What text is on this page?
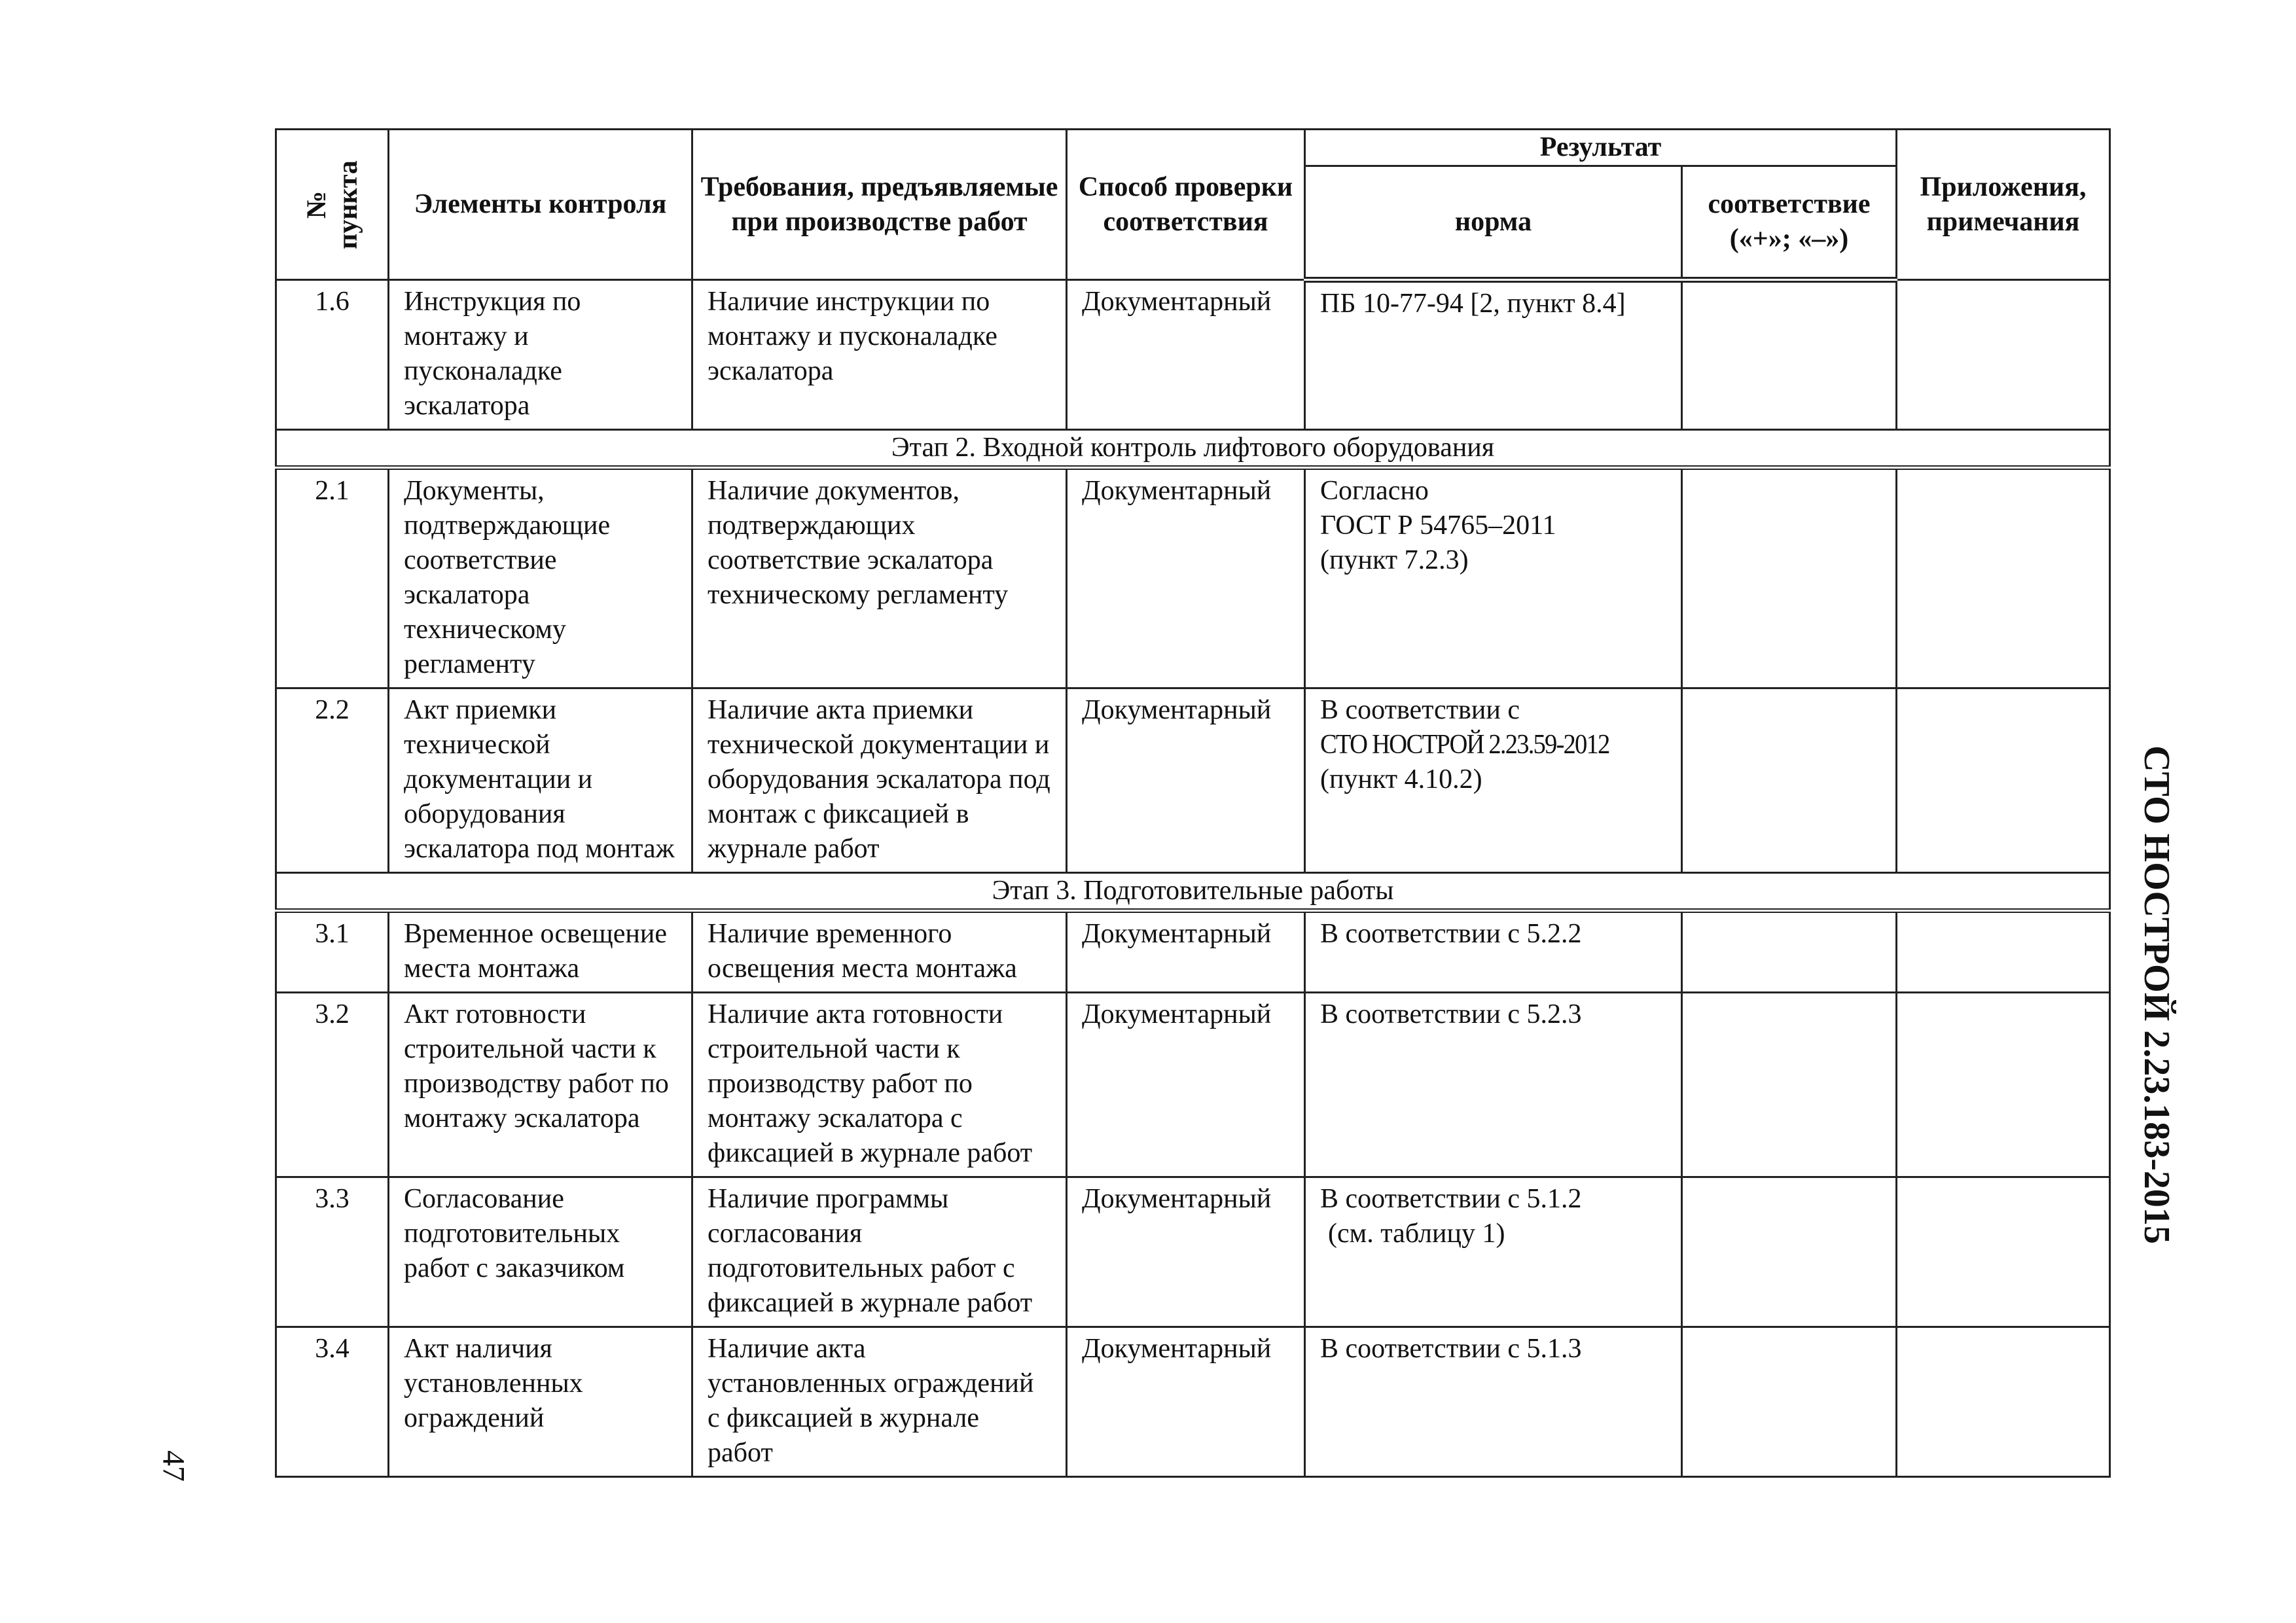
№ пункта	Элементы контроля	Требования, предъявляемые при производстве работ	Способ проверки соответствия	Результат		Приложения, примечания
				норма	соответствие («+»; «–»)	
1.6	Инструкция по монтажу и пусконаладке эскалатора	Наличие инструкции по монтажу и пусконаладке эскалатора	Документарный	ПБ 10-77-94 [2, пункт 8.4]		
Этап 2. Входной контроль лифтового оборудования						
2.1	Документы, подтверждающие соответствие эскалатора техническому регламенту	Наличие документов, подтверждающих соответствие эскалатора техническому регламенту	Документарный	Согласно
ГОСТ Р 54765–2011
(пункт 7.2.3)		

2.2	Акт приемки технической документации и оборудования эскалатора под монтаж	Наличие акта приемки технической документации и оборудования эскалатора под монтаж с фиксацией в журнале работ	Документарный	В соответствии с
СТО НОСТРОЙ 2.23.59-2012
(пункт 4.10.2)		

Этап 3. Подготовительные работы						
3.1	Временное освещение места монтажа	Наличие временного освещения места монтажа	Документарный	В соответствии с 5.2.2		
3.2	Акт готовности строительной части к производству работ по монтажу эскалатора	Наличие акта готовности строительной части к производству работ по монтажу эскалатора с фиксацией в журнале работ	Документарный	В соответствии с 5.2.3		
3.3	Согласование подготовительных работ с заказчиком	Наличие программы согласования подготовительных работ с фиксацией в журнале работ	Документарный	В соответствии с 5.1.2
(см. таблицу 1)		

3.4	Акт наличия установленных ограждений	Наличие акта установленных ограждений с фиксацией в журнале работ	Документарный	В соответствии с 5.1.3		
СТО НОСТРОЙ 2.23.183-2015
47
